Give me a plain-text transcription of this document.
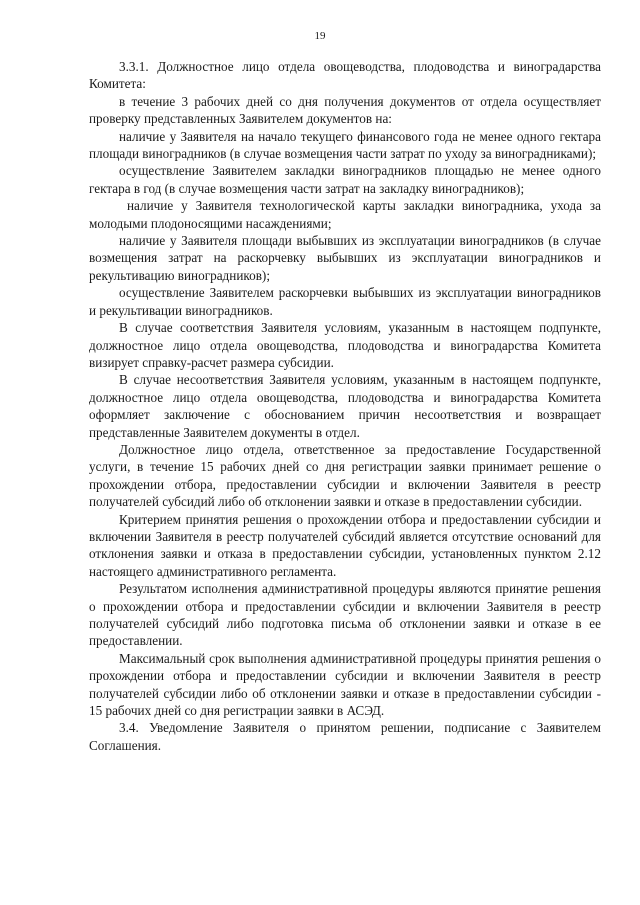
19

3.3.1. Должностное лицо отдела овощеводства, плодоводства и виноградарства Комитета:

в течение 3 рабочих дней со дня получения документов от отдела осуществляет проверку представленных Заявителем документов на:

наличие у Заявителя на начало текущего финансового года не менее одного гектара площади виноградников (в случае возмещения части затрат по уходу за виноградниками);

осуществление Заявителем закладки виноградников площадью не менее одного гектара в год (в случае возмещения части затрат на закладку виноградников);

наличие у Заявителя технологической карты закладки виноградника, ухода за молодыми плодоносящими насаждениями;

наличие у Заявителя площади выбывших из эксплуатации виноградников (в случае возмещения затрат на раскорчевку выбывших из эксплуатации виноградников и рекультивацию виноградников);

осуществление Заявителем раскорчевки выбывших из эксплуатации виноградников и рекультивации виноградников.

В случае соответствия Заявителя условиям, указанным в настоящем подпункте, должностное лицо отдела овощеводства, плодоводства и виноградарства Комитета визирует справку-расчет размера субсидии.

В случае несоответствия Заявителя условиям, указанным в настоящем подпункте, должностное лицо отдела овощеводства, плодоводства и виноградарства Комитета оформляет заключение с обоснованием причин несоответствия и возвращает представленные Заявителем документы в отдел.

Должностное лицо отдела, ответственное за предоставление Государственной услуги, в течение 15 рабочих дней со дня регистрации заявки принимает решение о прохождении отбора, предоставлении субсидии и включении Заявителя в реестр получателей субсидий либо об отклонении заявки и отказе в предоставлении субсидии.

Критерием принятия решения о прохождении отбора и предоставлении субсидии и включении Заявителя в реестр получателей субсидий является отсутствие оснований для отклонения заявки и отказа в предоставлении субсидии, установленных пунктом 2.12 настоящего административного регламента.

Результатом исполнения административной процедуры являются принятие решения о прохождении отбора и предоставлении субсидии и включении Заявителя в реестр получателей субсидий либо подготовка письма об отклонении заявки и отказе в ее предоставлении.

Максимальный срок выполнения административной процедуры принятия решения о прохождении отбора и предоставлении субсидии и включении Заявителя в реестр получателей субсидии либо об отклонении заявки и отказе в предоставлении субсидии - 15 рабочих дней со дня регистрации заявки в АСЭД.

3.4. Уведомление Заявителя о принятом решении, подписание с Заявителем Соглашения.
